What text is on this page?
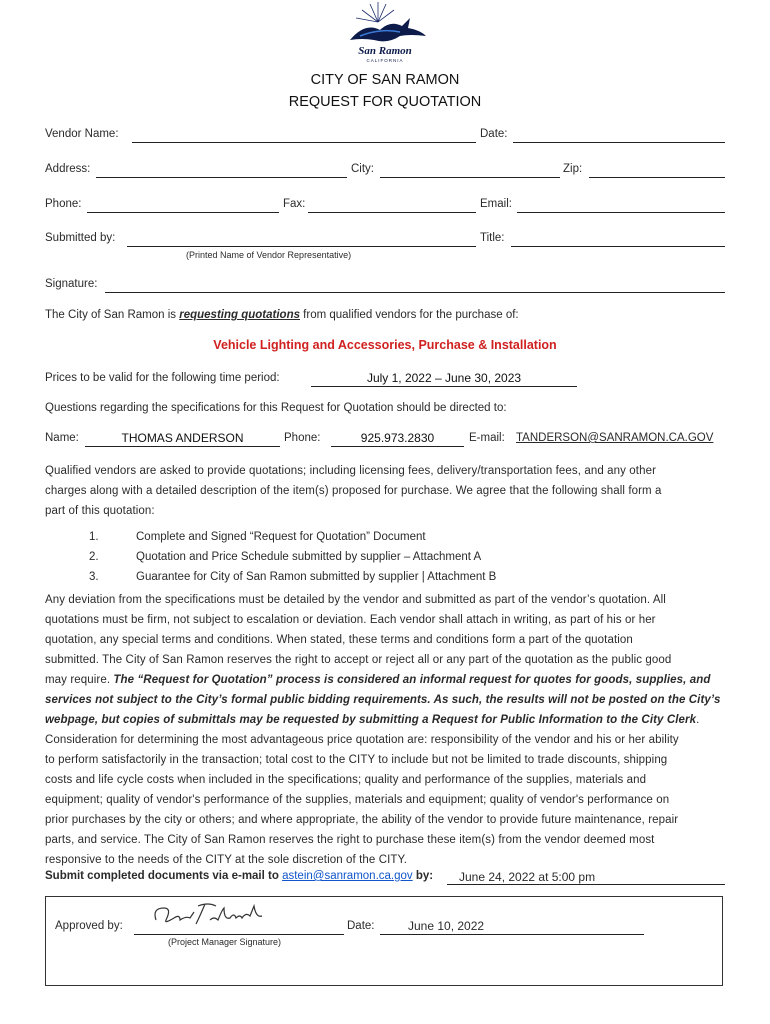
San Ramon
CALIFORNIA
CITY OF SAN RAMON
REQUEST FOR QUOTATION
Vendor Name:	Date:
Address:	City:	Zip:
Phone:	Fax:	Email:
Submitted by:	Title:
(Printed Name of Vendor Representative)
Signature:
The City of San Ramon is requesting quotations from qualified vendors for the purchase of:
Vehicle Lighting and Accessories, Purchase & Installation
Prices to be valid for the following time period:	July 1, 2022 – June 30, 2023
Questions regarding the specifications for this Request for Quotation should be directed to:
Name:	THOMAS ANDERSON	Phone:	925.973.2830	E-mail: TANDERSON@SANRAMON.CA.GOV
Qualified vendors are asked to provide quotations; including licensing fees, delivery/transportation fees, and any other
charges along with a detailed description of the item(s) proposed for purchase. We agree that the following shall form a
part of this quotation:
1.	Complete and Signed “Request for Quotation” Document
2.	Quotation and Price Schedule submitted by supplier – Attachment A
3.	Guarantee for City of San Ramon submitted by supplier | Attachment B
Any deviation from the specifications must be detailed by the vendor and submitted as part of the vendor’s quotation. All
quotations must be firm, not subject to escalation or deviation. Each vendor shall attach in writing, as part of his or her
quotation, any special terms and conditions. When stated, these terms and conditions form a part of the quotation
submitted. The City of San Ramon reserves the right to accept or reject all or any part of the quotation as the public good
may require. The “Request for Quotation” process is considered an informal request for quotes for goods, supplies, and
services not subject to the City’s formal public bidding requirements. As such, the results will not be posted on the City’s
webpage, but copies of submittals may be requested by submitting a Request for Public Information to the City Clerk.
Consideration for determining the most advantageous price quotation are: responsibility of the vendor and his or her ability
to perform satisfactorily in the transaction; total cost to the CITY to include but not be limited to trade discounts, shipping
costs and life cycle costs when included in the specifications; quality and performance of the supplies, materials and
equipment; quality of vendor's performance of the supplies, materials and equipment; quality of vendor's performance on
prior purchases by the city or others; and where appropriate, the ability of the vendor to provide future maintenance, repair
parts, and service. The City of San Ramon reserves the right to purchase these item(s) from the vendor deemed most
responsive to the needs of the CITY at the sole discretion of the CITY.
Submit completed documents via e-mail to astein@sanramon.ca.gov by: June 24, 2022 at 5:00 pm
Approved by:
(Project Manager Signature)
Date:	June 10, 2022
